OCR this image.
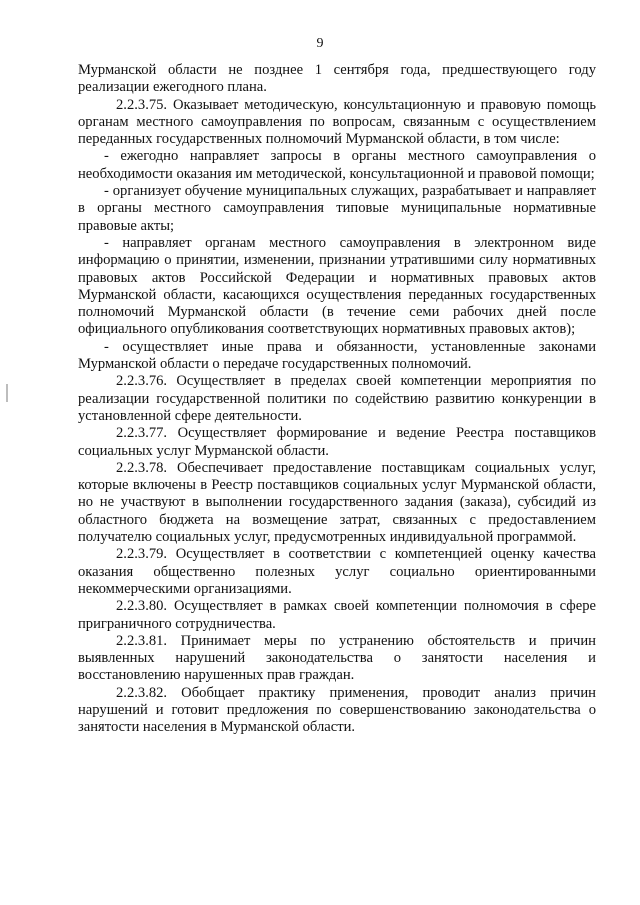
9

Мурманской области не позднее 1 сентября года, предшествующего году реализации ежегодного плана.

2.2.3.75. Оказывает методическую, консультационную и правовую помощь органам местного самоуправления по вопросам, связанным с осуществлением переданных государственных полномочий Мурманской области, в том числе:

- ежегодно направляет запросы в органы местного самоуправления о необходимости оказания им методической, консультационной и правовой помощи;

- организует обучение муниципальных служащих, разрабатывает и направляет в органы местного самоуправления типовые муниципальные нормативные правовые акты;

- направляет органам местного самоуправления в электронном виде информацию о принятии, изменении, признании утратившими силу нормативных правовых актов Российской Федерации и нормативных правовых актов Мурманской области, касающихся осуществления переданных государственных полномочий Мурманской области (в течение семи рабочих дней после официального опубликования соответствующих нормативных правовых актов);

- осуществляет иные права и обязанности, установленные законами Мурманской области о передаче государственных полномочий.

2.2.3.76. Осуществляет в пределах своей компетенции мероприятия по реализации государственной политики по содействию развитию конкуренции в установленной сфере деятельности.

2.2.3.77. Осуществляет формирование и ведение Реестра поставщиков социальных услуг Мурманской области.

2.2.3.78. Обеспечивает предоставление поставщикам социальных услуг, которые включены в Реестр поставщиков социальных услуг Мурманской области, но не участвуют в выполнении государственного задания (заказа), субсидий из областного бюджета на возмещение затрат, связанных с предоставлением получателю социальных услуг, предусмотренных индивидуальной программой.

2.2.3.79. Осуществляет в соответствии с компетенцией оценку качества оказания общественно полезных услуг социально ориентированными некоммерческими организациями.

2.2.3.80. Осуществляет в рамках своей компетенции полномочия в сфере приграничного сотрудничества.

2.2.3.81. Принимает меры по устранению обстоятельств и причин выявленных нарушений законодательства о занятости населения и восстановлению нарушенных прав граждан.

2.2.3.82. Обобщает практику применения, проводит анализ причин нарушений и готовит предложения по совершенствованию законодательства о занятости населения в Мурманской области.
